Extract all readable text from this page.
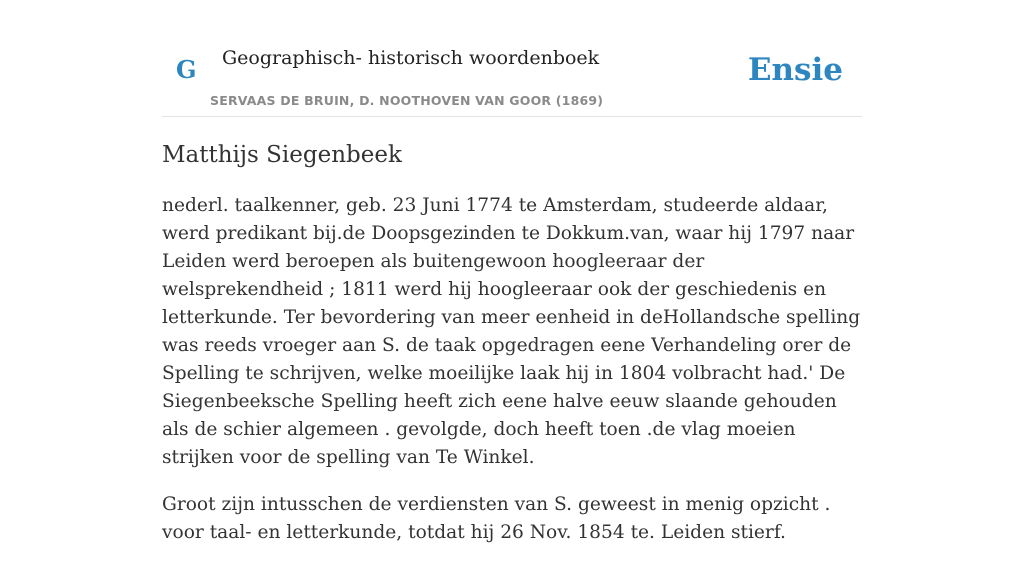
G Geographisch- historisch woordenboek
SERVAAS DE BRUIN, D. NOOTHOVEN VAN GOOR (1869)
Ensie
Matthijs Siegenbeek

nederl. taalkenner, geb. 23 Juni 1774 te Amsterdam, studeerde aldaar, werd predikant bij.de Doopsgezinden te Dokkum.van, waar hij 1797 naar Leiden werd beroepen als buitengewoon hoogleeraar der welsprekendheid ; 1811 werd hij hoogleeraar ook der geschiedenis en letterkunde. Ter bevordering van meer eenheid in deHollandsche spelling was reeds vroeger aan S. de taak opgedragen eene Verhandeling orer de Spelling te schrijven, welke moeilijke laak hij in 1804 volbracht had.' De Siegenbeeksche Spelling heeft zich eene halve eeuw slaande gehouden als de schier algemeen . gevolgde, doch heeft toen .de vlag moeien strijken voor de spelling van Te Winkel.

Groot zijn intusschen de verdiensten van S. geweest in menig opzicht . voor taal- en letterkunde, totdat hij 26 Nov. 1854 te. Leiden stierf.
